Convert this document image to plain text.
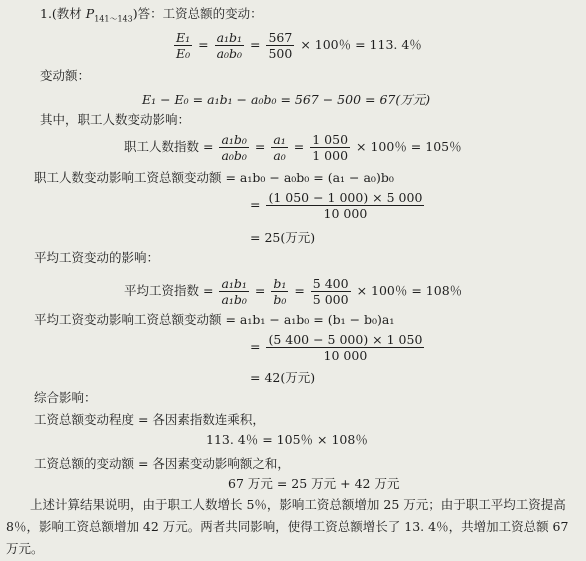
1.(教材 $P_{141\sim 143}$)答：工资总额的变动：
$\frac{\text{E₁}}{\text{E₀}} = \frac{\text{a₁b₁}}{\text{a₀b₀}} = \frac{567}{500} \times 100$％ = 113. 4％
变动额：
E₁ − E₀ = a₁b₁ − a₀b₀ = 567 − 500 = 67(万元)
其中，职工人数变动影响：
职工人数指数 = $\frac{\text{a₁b₀}}{\text{a₀b₀}} = \frac{\text{a₁}}{\text{a₀}} = \frac{1 050}{1 000} \times 100$％ = 105％
职工人数变动影响工资总额变动额 = a₁b₀ − a₀b₀ = (a₁ − a₀)b₀
= $\frac{(1 050 - 1 000) \times 5 000}{10 000}$
= 25(万元)
平均工资变动的影响：
平均工资指数 = $\frac{\text{a₁b₁}}{\text{a₁b₀}} = \frac{\text{b₁}}{\text{b₀}} = \frac{5 400}{5 000} \times 100$％ = 108％
平均工资变动影响工资总额变动额 = a₁b₁ − a₁b₀ = (b₁ − b₀)a₁
= $\frac{(5 400 - 5 000) \times 1 050}{10 000}$
= 42(万元)
综合影响：
工资总额变动程度 = 各因素指数连乘积，
113. 4％ = 105％ × 108％
工资总额的变动额 = 各因素变动影响额之和，
67 万元 = 25 万元 + 42 万元
上述计算结果说明，由于职工人数增长 5％，影响工资总额增加 25 万元；由于职工平均工资提高 8％，影响工资总额增加 42 万元。两者共同影响，使得工资总额增长了 13. 4％，共增加工资总额 67 万元。
